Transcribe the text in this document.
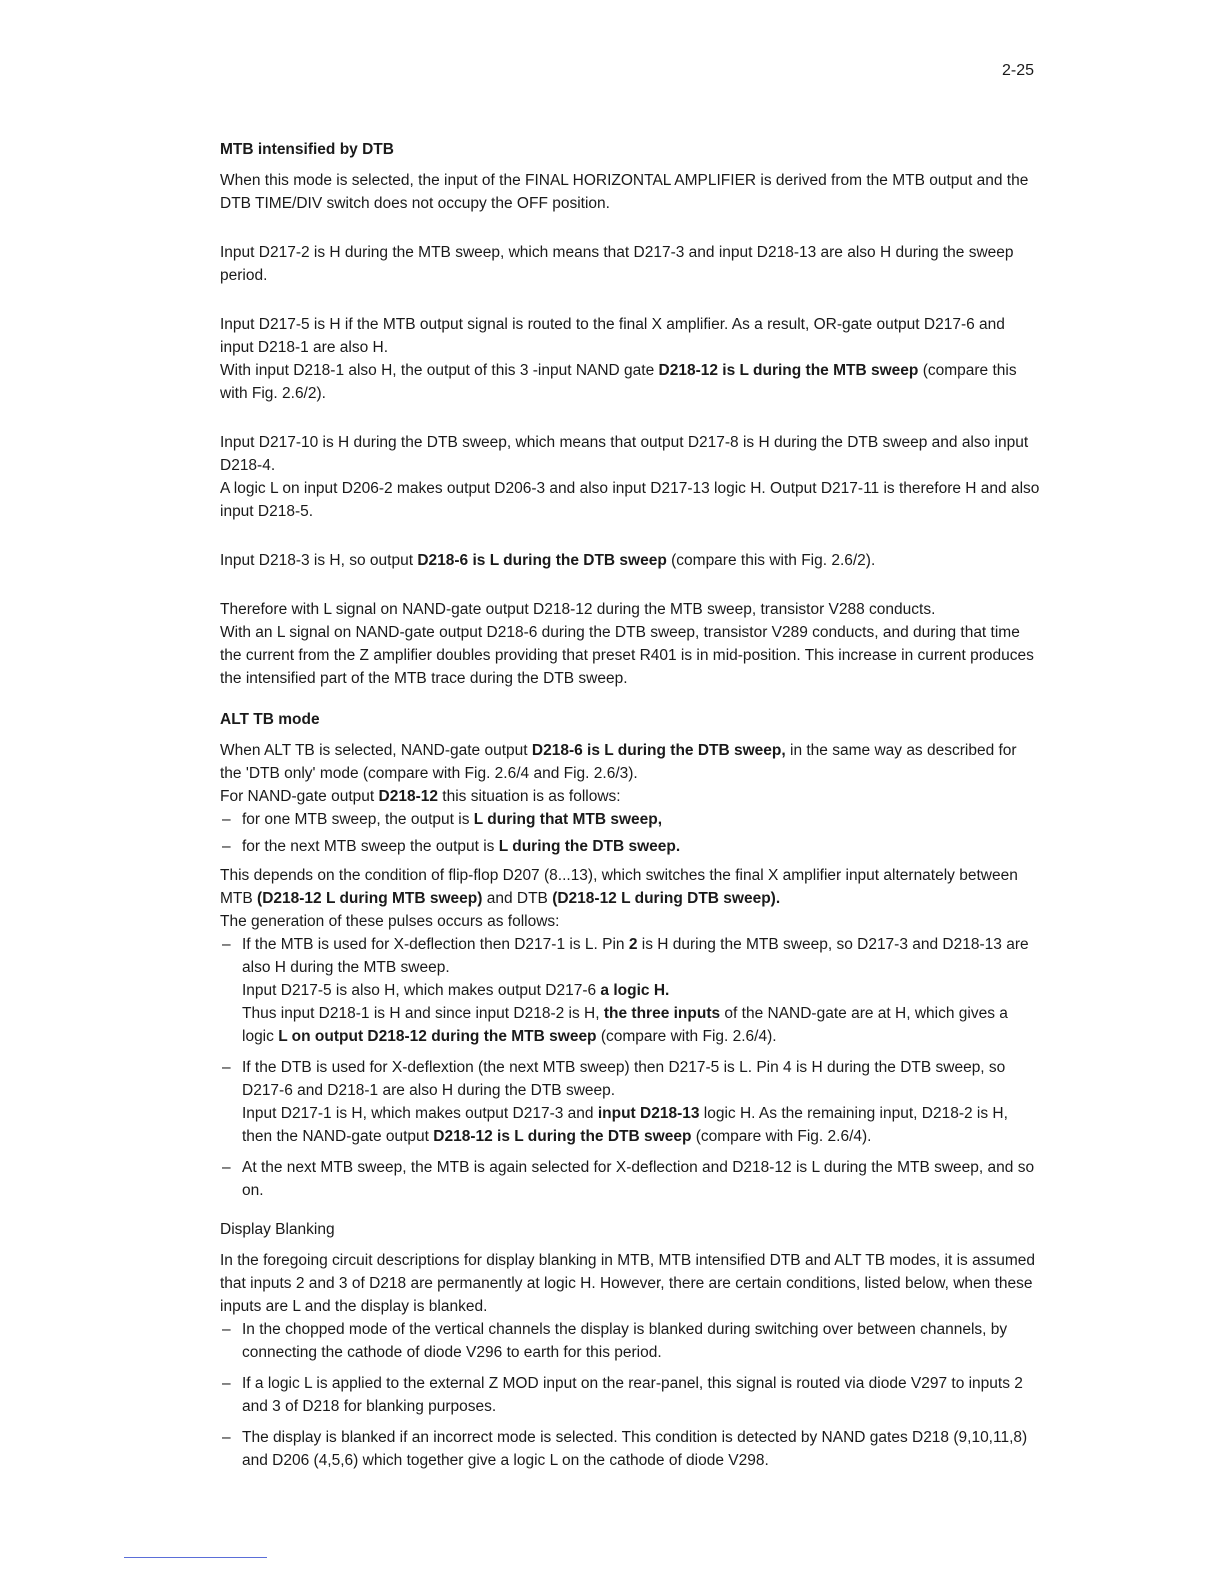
2-25
MTB intensified by DTB

When this mode is selected, the input of the FINAL HORIZONTAL AMPLIFIER is derived from the MTB output and the DTB TIME/DIV switch does not occupy the OFF position.

Input D217-2 is H during the MTB sweep, which means that D217-3 and input D218-13 are also H during the sweep period.

Input D217-5 is H if the MTB output signal is routed to the final X amplifier. As a result, OR-gate output D217-6 and input D218-1 are also H.

With input D218-1 also H, the output of this 3 -input NAND gate D218-12 is L during the MTB sweep (compare this with Fig. 2.6/2).

Input D217-10 is H during the DTB sweep, which means that output D217-8 is H during the DTB sweep and also input D218-4.

A logic L on input D206-2 makes output D206-3 and also input D217-13 logic H. Output D217-11 is therefore H and also input D218-5.

Input D218-3 is H, so output D218-6 is L during the DTB sweep (compare this with Fig. 2.6/2).

Therefore with L signal on NAND-gate output D218-12 during the MTB sweep, transistor V288 conducts.

With an L signal on NAND-gate output D218-6 during the DTB sweep, transistor V289 conducts, and during that time the current from the Z amplifier doubles providing that preset R401 is in mid-position. This increase in current produces the intensified part of the MTB trace during the DTB sweep.

ALT TB mode

When ALT TB is selected, NAND-gate output D218-6 is L during the DTB sweep, in the same way as described for the 'DTB only' mode (compare with Fig. 2.6/4 and Fig. 2.6/3).

For NAND-gate output D218-12 this situation is as follows:

– for one MTB sweep, the output is L during that MTB sweep,
– for the next MTB sweep the output is L during the DTB sweep.

This depends on the condition of flip-flop D207 (8...13), which switches the final X amplifier input alternately between MTB (D218-12 L during MTB sweep) and DTB (D218-12 L during DTB sweep).

The generation of these pulses occurs as follows:

– If the MTB is used for X-deflection then D217-1 is L. Pin 2 is H during the MTB sweep, so D217-3 and D218-13 are also H during the MTB sweep.
Input D217-5 is also H, which makes output D217-6 a logic H.
Thus input D218-1 is H and since input D218-2 is H, the three inputs of the NAND-gate are at H, which gives a logic L on output D218-12 during the MTB sweep (compare with Fig. 2.6/4).
– If the DTB is used for X-deflextion (the next MTB sweep) then D217-5 is L. Pin 4 is H during the DTB sweep, so D217-6 and D218-1 are also H during the DTB sweep.
Input D217-1 is H, which makes output D217-3 and input D218-13 logic H. As the remaining input, D218-2 is H, then the NAND-gate output D218-12 is L during the DTB sweep (compare with Fig. 2.6/4).
– At the next MTB sweep, the MTB is again selected for X-deflection and D218-12 is L during the MTB sweep, and so on.
Display Blanking

In the foregoing circuit descriptions for display blanking in MTB, MTB intensified DTB and ALT TB modes, it is assumed that inputs 2 and 3 of D218 are permanently at logic H. However, there are certain conditions, listed below, when these inputs are L and the display is blanked.

– In the chopped mode of the vertical channels the display is blanked during switching over between channels, by connecting the cathode of diode V296 to earth for this period.
– If a logic L is applied to the external Z MOD input on the rear-panel, this signal is routed via diode V297 to inputs 2 and 3 of D218 for blanking purposes.
– The display is blanked if an incorrect mode is selected. This condition is detected by NAND gates D218 (9,10,11,8) and D206 (4,5,6) which together give a logic L on the cathode of diode V298.
